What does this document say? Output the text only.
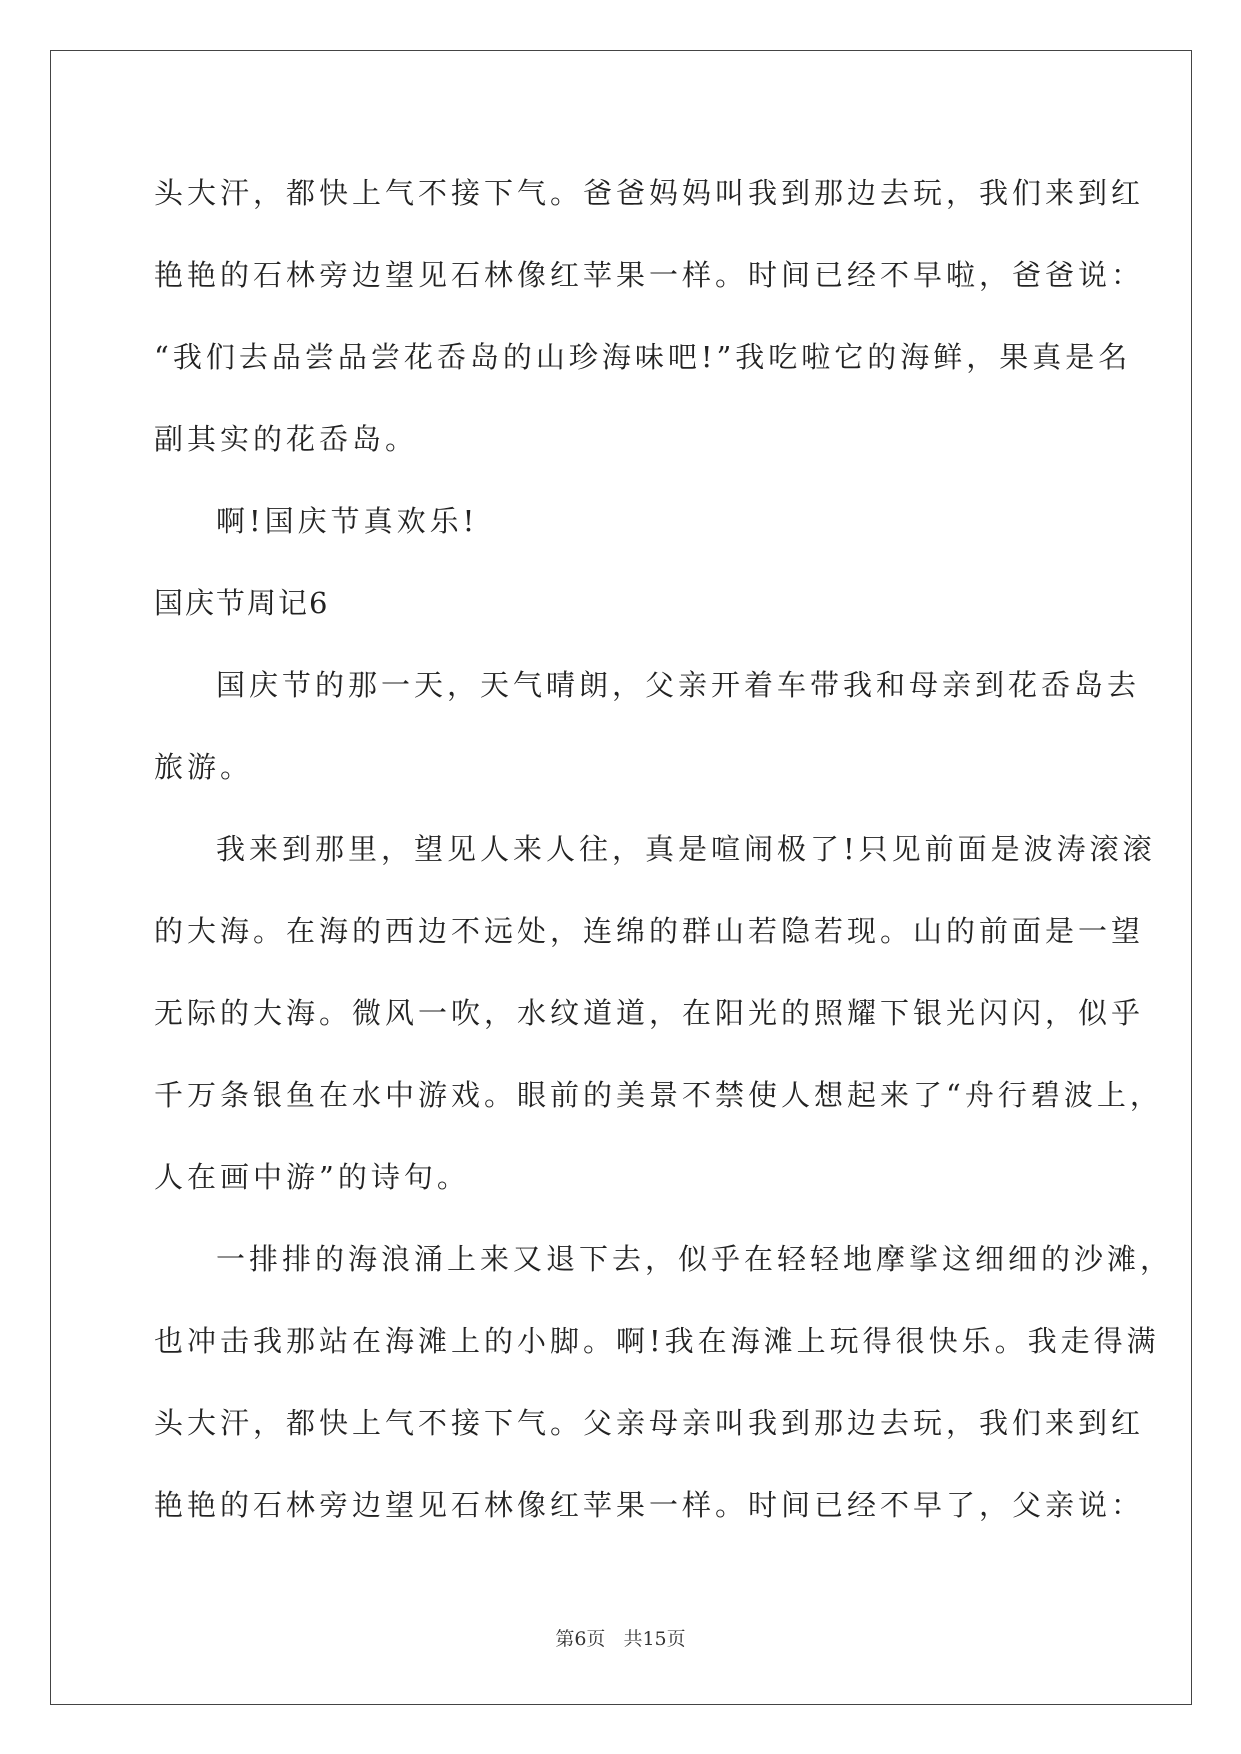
头大汗，都快上气不接下气。爸爸妈妈叫我到那边去玩，我们来到红
艳艳的石林旁边望见石林像红苹果一样。时间已经不早啦，爸爸说：
“我们去品尝品尝花岙岛的山珍海味吧!”我吃啦它的海鲜，果真是名
副其实的花岙岛。
啊!国庆节真欢乐!
国庆节周记6
国庆节的那一天，天气晴朗，父亲开着车带我和母亲到花岙岛去
旅游。
我来到那里，望见人来人往，真是喧闹极了!只见前面是波涛滚滚
的大海。在海的西边不远处，连绵的群山若隐若现。山的前面是一望
无际的大海。微风一吹，水纹道道，在阳光的照耀下银光闪闪，似乎
千万条银鱼在水中游戏。眼前的美景不禁使人想起来了“舟行碧波上，
人在画中游”的诗句。
一排排的海浪涌上来又退下去，似乎在轻轻地摩挲这细细的沙滩，
也冲击我那站在海滩上的小脚。啊!我在海滩上玩得很快乐。我走得满
头大汗，都快上气不接下气。父亲母亲叫我到那边去玩，我们来到红
艳艳的石林旁边望见石林像红苹果一样。时间已经不早了，父亲说：
第6页 共15页
